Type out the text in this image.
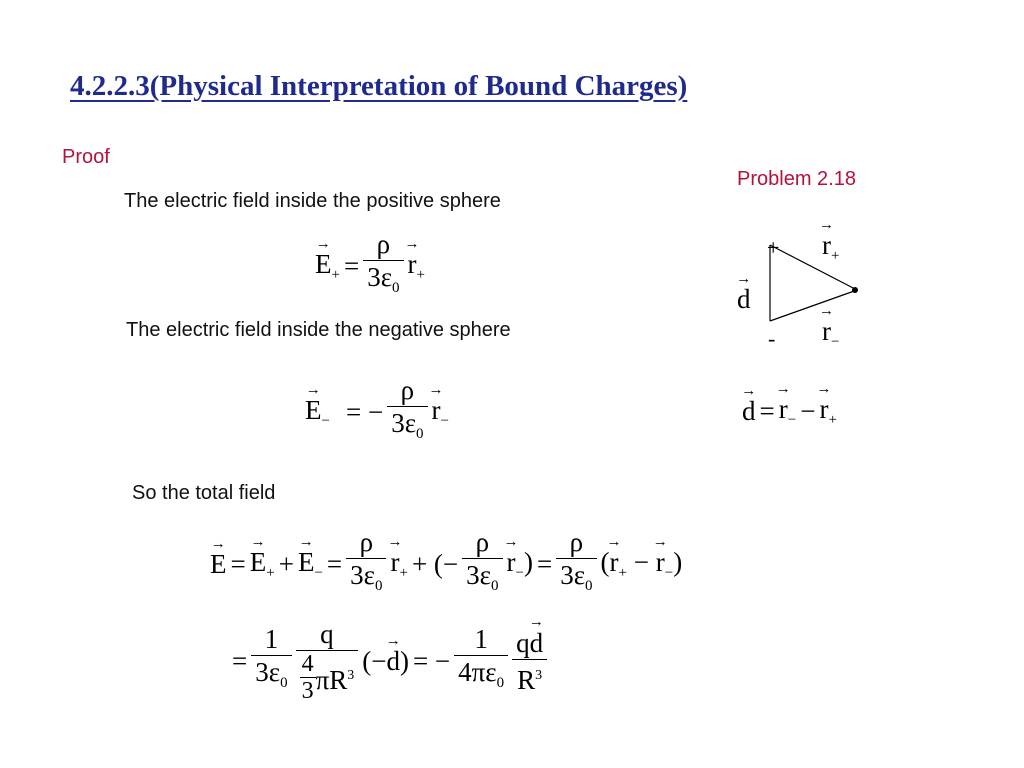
4.2.2.3(Physical Interpretation of Bound Charges)
Proof
Problem 2.18
The electric field inside the positive sphere
The electric field inside the negative sphere
So the total field
→ $E_+ = \frac{\rho}{3\varepsilon_0}$
→ $r_+$
→ $E_-$ = − $\frac{\rho}{3\varepsilon_0}$
→ $r_-$
+
-
→ d
→ $r_+$
→ $r_-$
→ d =
→ $r_-$ −
→ $r_+$
→ E =
→ $E_+$ +
→ $E_- = \frac{\rho}{3\varepsilon_0}$
→ $r_+$ + (− $\frac{\rho}{3\varepsilon_0}$
→ $r_-) = \frac{\rho}{3\varepsilon_0}$ (→ $r_+$ − → $r_-$)
= $\frac{1}{3\varepsilon_0} \frac{q}{\frac{4}{3} \pi R^3}$ (−→ d) = − $\frac{1}{4\pi\varepsilon_0} \frac{q\to d}{R^3}$
